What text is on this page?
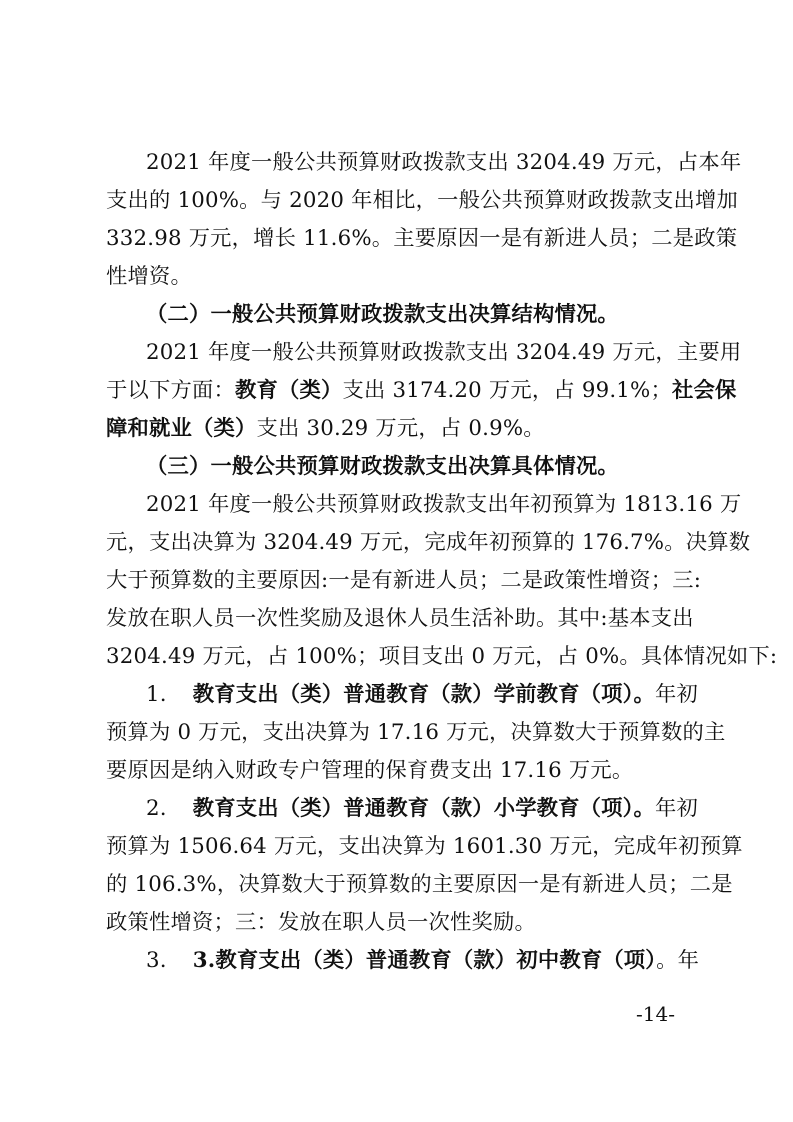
2021 年度一般公共预算财政拨款支出 3204.49 万元，占本年
支出的 100%。与 2020 年相比，一般公共预算财政拨款支出增加
332.98 万元，增长 11.6%。主要原因一是有新进人员；二是政策
性增资。
（二）一般公共预算财政拨款支出决算结构情况。
2021 年度一般公共预算财政拨款支出 3204.49 万元，主要用
于以下方面：教育（类）支出 3174.20 万元，占 99.1%；社会保
障和就业（类）支出 30.29 万元，占 0.9%。
（三）一般公共预算财政拨款支出决算具体情况。
2021 年度一般公共预算财政拨款支出年初预算为 1813.16 万
元，支出决算为 3204.49 万元，完成年初预算的 176.7%。决算数
大于预算数的主要原因:一是有新进人员；二是政策性增资；三:
发放在职人员一次性奖励及退休人员生活补助。其中:基本支出
3204.49 万元，占 100%；项目支出 0 万元，占 0%。具体情况如下:
1. 教育支出（类）普通教育（款）学前教育（项）。年初
预算为 0 万元，支出决算为 17.16 万元，决算数大于预算数的主
要原因是纳入财政专户管理的保育费支出 17.16 万元。
2. 教育支出（类）普通教育（款）小学教育（项）。年初
预算为 1506.64 万元，支出决算为 1601.30 万元，完成年初预算
的 106.3%，决算数大于预算数的主要原因一是有新进人员；二是
政策性增资；三：发放在职人员一次性奖励。
3. 3.教育支出（类）普通教育（款）初中教育（项）。年
-14-
